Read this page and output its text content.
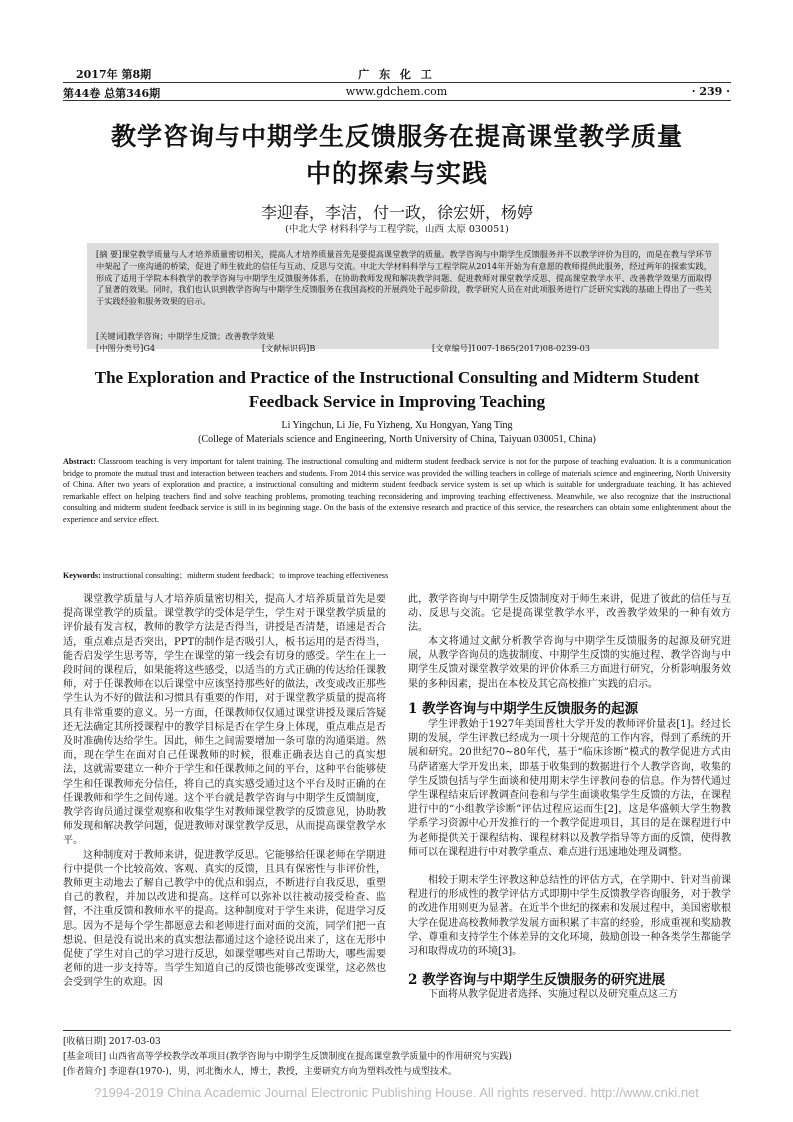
2017年 第8期	广 东 化 工
第44卷 总第346期	www.gdchem.com	· 239 ·
教学咨询与中期学生反馈服务在提高课堂教学质量
中的探索与实践
李迎春，李洁，付一政，徐宏妍，杨婷
(中北大学 材料科学与工程学院，山西 太原 030051)

[摘 要]课堂教学质量与人才培养质量密切相关，提高人才培养质量首先是要提高课堂教学的质量。教学咨询与中期学生反馈服务并不以教学评价为目的，而是在教与学环节中架起了一座沟通的桥梁，促进了师生彼此的信任与互动、反思与交流。中北大学材料科学与工程学院从2014年开始为有意愿的教师提供此服务，经过两年的探索实践，形成了适用于学院本科教学的教学咨询与中期学生反馈服务体系，在协助教师发现和解决教学问题、促进教师对课堂教学反思、提高课堂教学水平、改善教学效果方面取得了显著的效果。同时，我们也认识到教学咨询与中期学生反馈服务在我国高校的开展尚处于起步阶段，教学研究人员在对此项服务进行广泛研究实践的基础上得出了一些关于实践经验和服务效果的启示。

[关键词]教学咨询；中期学生反馈；改善教学效果
[中图分类号]G4	[文献标识码]B	[文章编号]1007-1865(2017)08-0239-03
The Exploration and Practice of the Instructional Consulting and Midterm Student
Feedback Service in Improving Teaching
Li Yingchun, Li Jie, Fu Yizheng, Xu Hongyan, Yang Ting
(College of Materials science and Engineering, North University of China, Taiyuan 030051, China)

Abstract: Classroom teaching is very important for talent training. The instructional consulting and midterm student feedback service is not for the purpose of teaching evaluation. It is a communication bridge to promote the mutual trust and interaction between teachers and students. From 2014 this service was provided the willing teachers in college of materials science and engineering, North University of China. After two years of exploration and practice, a instructional consulting and midterm student feedback service system is set up which is suitable for undergraduate teaching. It has achieved remarkable effect on helping teachers find and solve teaching problems, promoting teaching reconsidering and improving teaching effectiveness. Meanwhile, we also recognize that the instructional consulting and midterm student feedback service is still in its beginning stage. On the basis of the extensive research and practice of this service, the researchers can obtain some enlightenment about the experience and service effect.

Keywords: instructional consulting；midterm student feedback；to improve teaching effectiveness

课堂教学质量与人才培养质量密切相关，提高人才培养质量首先是要提高课堂教学的质量。课堂教学的受体是学生，学生对于课堂教学质量的评价最有发言权，教师的教学方法是否得当，讲授是否清楚，语速是否合适，重点难点是否突出，PPT的制作是否吸引人，板书运用的是否得当，能否启发学生思考等，学生在课堂的第一线会有切身的感受。学生在上一段时间的课程后，如果能将这些感受，以适当的方式正确的传达给任课教师，对于任课教师在以后课堂中应该坚持那些好的做法，改变或改正那些学生认为不好的做法和习惯具有重要的作用，对于课堂教学质量的提高将具有非常重要的意义。另一方面，任课教师仅仅通过课堂讲授及课后答疑还无法确定其所授课程中的教学目标是否在学生身上体现，重点难点是否及时准确传达给学生。因此，师生之间需要增加一条可靠的沟通渠道。然而，现在学生在面对自己任课教师的时候，很难正确表达自己的真实想法，这就需要建立一种介于学生和任课教师之间的平台，这种平台能够使学生和任课教师充分信任，将自己的真实感受通过这个平台及时正确的在任课教师和学生之间传递。这个平台就是教学咨询与中期学生反馈制度，教学咨询员通过课堂观察和收集学生对教师课堂教学的反馈意见，协助教师发现和解决教学问题，促进教师对课堂教学反思，从而提高课堂教学水平。

这种制度对于教师来讲，促进教学反思。它能够给任课老师在学期进行中提供一个比较高效、客观、真实的反馈，且具有保密性与非评价性，教师更主动地去了解自己教学中的优点和弱点，不断进行自我反思，重塑自己的教程，并加以改进和提高。这样可以弥补以往被动接受检查、监督，不注重反馈和教师水平的提高。这种制度对于学生来讲，促进学习反思。因为不是每个学生都愿意去和老师进行面对面的交流，同学们把一直想说、但是没有说出来的真实想法都通过这个途径说出来了，这在无形中促使了学生对自己的学习进行反思，如课堂哪些对自己帮助大，哪些需要老师的进一步支持等。当学生知道自己的反馈也能够改变课堂，这必然也会受到学生的欢迎。因

此，教学咨询与中期学生反馈制度对于师生来讲，促进了彼此的信任与互动、反思与交流。它是提高课堂教学水平，改善教学效果的一种有效方法。

本文将通过文献分析教学咨询与中期学生反馈服务的起源及研究进展，从教学咨询员的选拔制度、中期学生反馈的实施过程、教学咨询与中期学生反馈对课堂教学效果的评价体系三方面进行研究，分析影响服务效果的多种因素，提出在本校及其它高校推广实践的启示。

1 教学咨询与中期学生反馈服务的起源

学生评教始于1927年美国普杜大学开发的教师评价量表[1]。经过长期的发展，学生评教已经成为一项十分规范的工作内容，得到了系统的开展和研究。20世纪70~80年代，基于“临床诊断”模式的教学促进方式由马萨诸塞大学开发出来，即基于收集到的数据进行个人教学咨询，收集的学生反馈包括与学生面谈和使用期末学生评教问卷的信息。作为替代通过学生课程结束后评教调查问卷和与学生面谈收集学生反馈的方法，在课程进行中的“小组教学诊断”评估过程应运而生[2]，这是华盛顿大学生物教学系学习资源中心开发推行的一个教学促进项目，其目的是在课程进行中为老师提供关于课程结构、课程材料以及教学指导等方面的反馈，使得教师可以在课程进行中对教学重点、难点进行迅速地处理及调整。

相较于期末学生评教这种总结性的评估方式，在学期中、针对当前课程进行的形成性的教学评估方式即期中学生反馈教学咨询服务，对于教学的改进作用则更为显著。在近半个世纪的探索和发展过程中，美国密歇根大学在促进高校教师教学发展方面积累了丰富的经验，形成重视和奖励教学、尊重和支持学生个体差异的文化环境，鼓励创设一种各类学生都能学习和取得成功的环境[3]。

2 教学咨询与中期学生反馈服务的研究进展

下面将从教学促进者选择、实施过程以及研究重点这三方

[收稿日期] 2017-03-03
[基金项目] 山西省高等学校教学改革项目(教学咨询与中期学生反馈制度在提高课堂教学质量中的作用研究与实践)
[作者简介] 李迎春(1970-)，男，河北衡水人，博士，教授，主要研究方向为塑料改性与成型技术。
?1994-2019 China Academic Journal Electronic Publishing House. All rights reserved. http://www.cnki.net
